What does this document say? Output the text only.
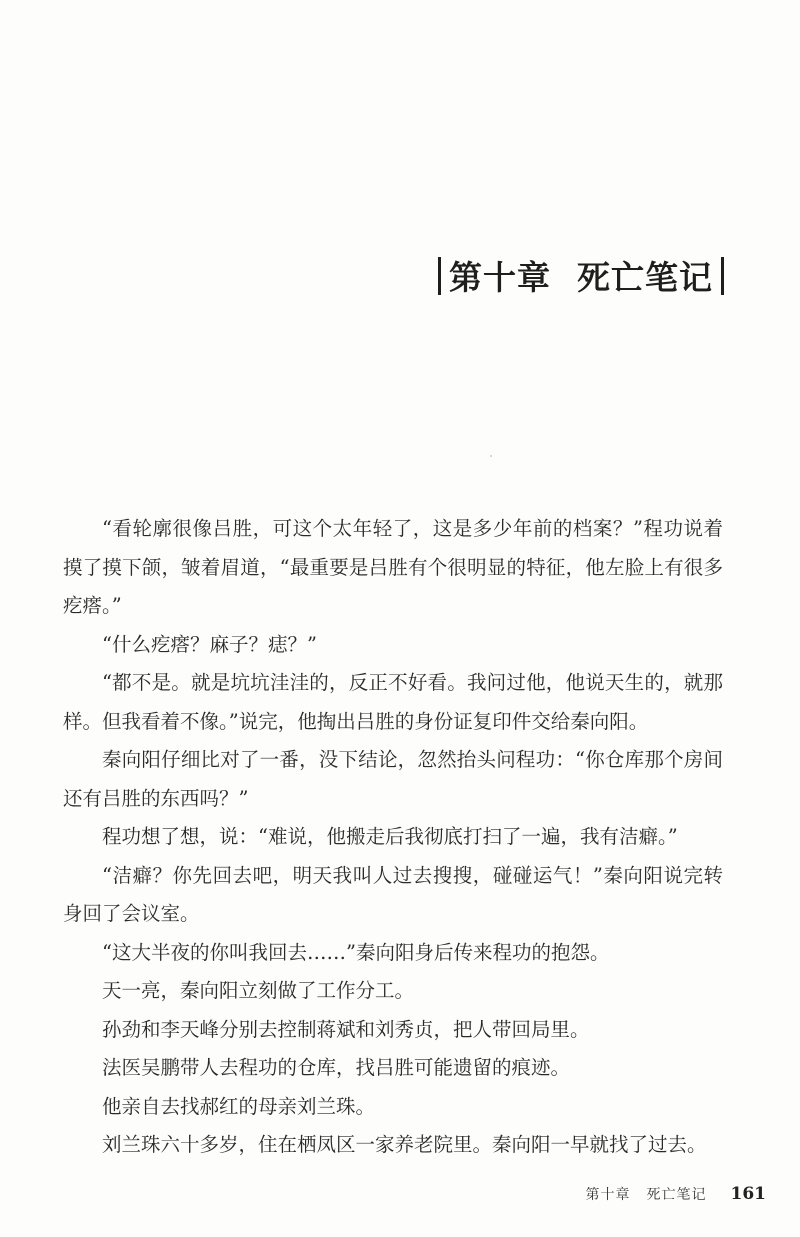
第十章 死亡笔记

“看轮廓很像吕胜，可这个太年轻了，这是多少年前的档案？”程功说着摸了摸下颌，皱着眉道，“最重要是吕胜有个很明显的特征，他左脸上有很多疙瘩。”

“什么疙瘩？麻子？痣？”

“都不是。就是坑坑洼洼的，反正不好看。我问过他，他说天生的，就那样。但我看着不像。”说完，他掏出吕胜的身份证复印件交给秦向阳。

秦向阳仔细比对了一番，没下结论，忽然抬头问程功：“你仓库那个房间还有吕胜的东西吗？”

程功想了想，说：“难说，他搬走后我彻底打扫了一遍，我有洁癖。”

“洁癖？你先回去吧，明天我叫人过去搜搜，碰碰运气！”秦向阳说完转身回了会议室。

“这大半夜的你叫我回去……”秦向阳身后传来程功的抱怨。

天一亮，秦向阳立刻做了工作分工。

孙劲和李天峰分别去控制蒋斌和刘秀贞，把人带回局里。

法医吴鹏带人去程功的仓库，找吕胜可能遗留的痕迹。

他亲自去找郝红的母亲刘兰珠。

刘兰珠六十多岁，住在栖凤区一家养老院里。秦向阳一早就找了过去。

第十章 死亡笔记 161
